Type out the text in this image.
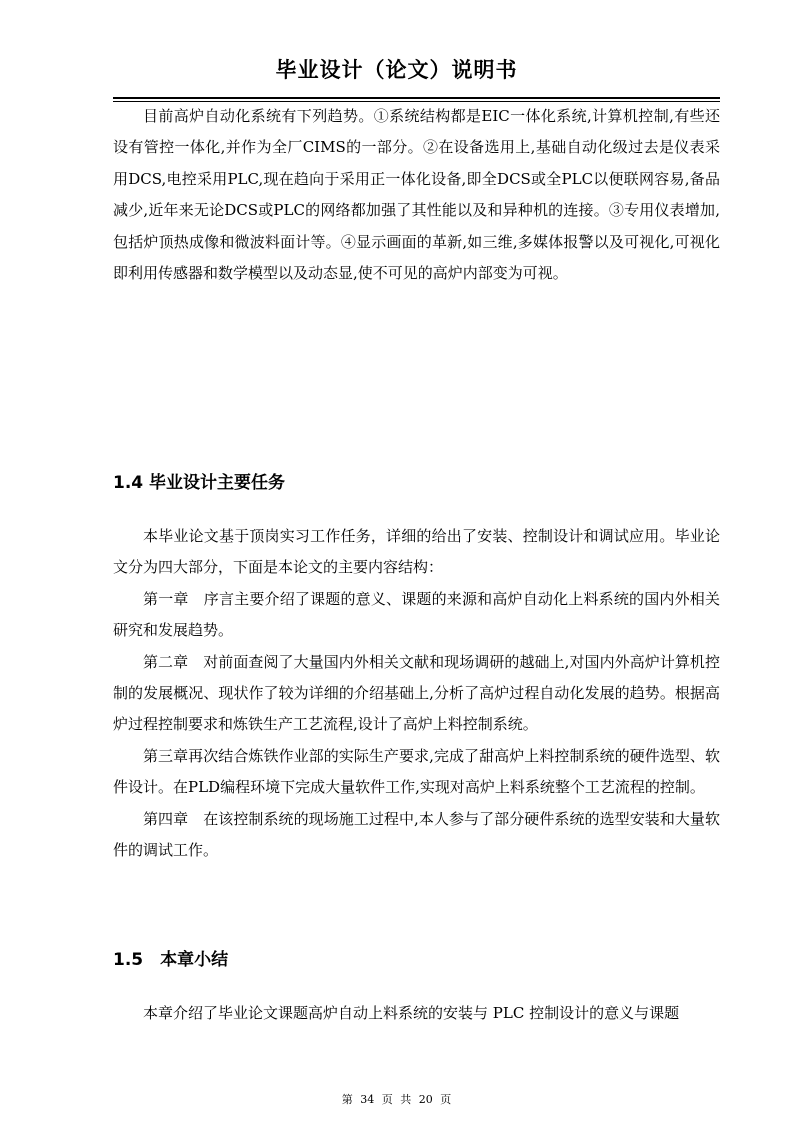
毕业设计（论文）说明书

目前高炉自动化系统有下列趋势。①系统结构都是EIC一体化系统,计算机控制,有些还设有管控一体化,并作为全厂CIMS的一部分。②在设备选用上,基础自动化级过去是仪表采用DCS,电控采用PLC,现在趋向于采用正一体化设备,即全DCS或全PLC以便联网容易,备品减少,近年来无论DCS或PLC的网络都加强了其性能以及和异种机的连接。③专用仪表增加,包括炉顶热成像和微波料面计等。④显示画面的革新,如三维,多媒体报警以及可视化,可视化即利用传感器和数学模型以及动态显,使不可见的高炉内部变为可视。

1.4 毕业设计主要任务

本毕业论文基于顶岗实习工作任务，详细的给出了安装、控制设计和调试应用。毕业论文分为四大部分，下面是本论文的主要内容结构：

第一章　序言主要介绍了课题的意义、课题的来源和高炉自动化上料系统的国内外相关研究和发展趋势。

第二章　对前面查阅了大量国内外相关文献和现场调研的越础上,对国内外高炉计算机控制的发展概况、现状作了较为详细的介绍基础上,分析了高炉过程自动化发展的趋势。根据高炉过程控制要求和炼铁生产工艺流程,设计了高炉上料控制系统。

第三章再次结合炼铁作业部的实际生产要求,完成了甜高炉上料控制系统的硬件选型、软件设计。在PLD编程环境下完成大量软件工作,实现对高炉上料系统整个工艺流程的控制。

第四章　在该控制系统的现场施工过程中,本人参与了部分硬件系统的选型安装和大量软件的调试工作。

1.5　本章小结

本章介绍了毕业论文课题高炉自动上料系统的安装与 PLC 控制设计的意义与课题

第 34 页 共 20 页
